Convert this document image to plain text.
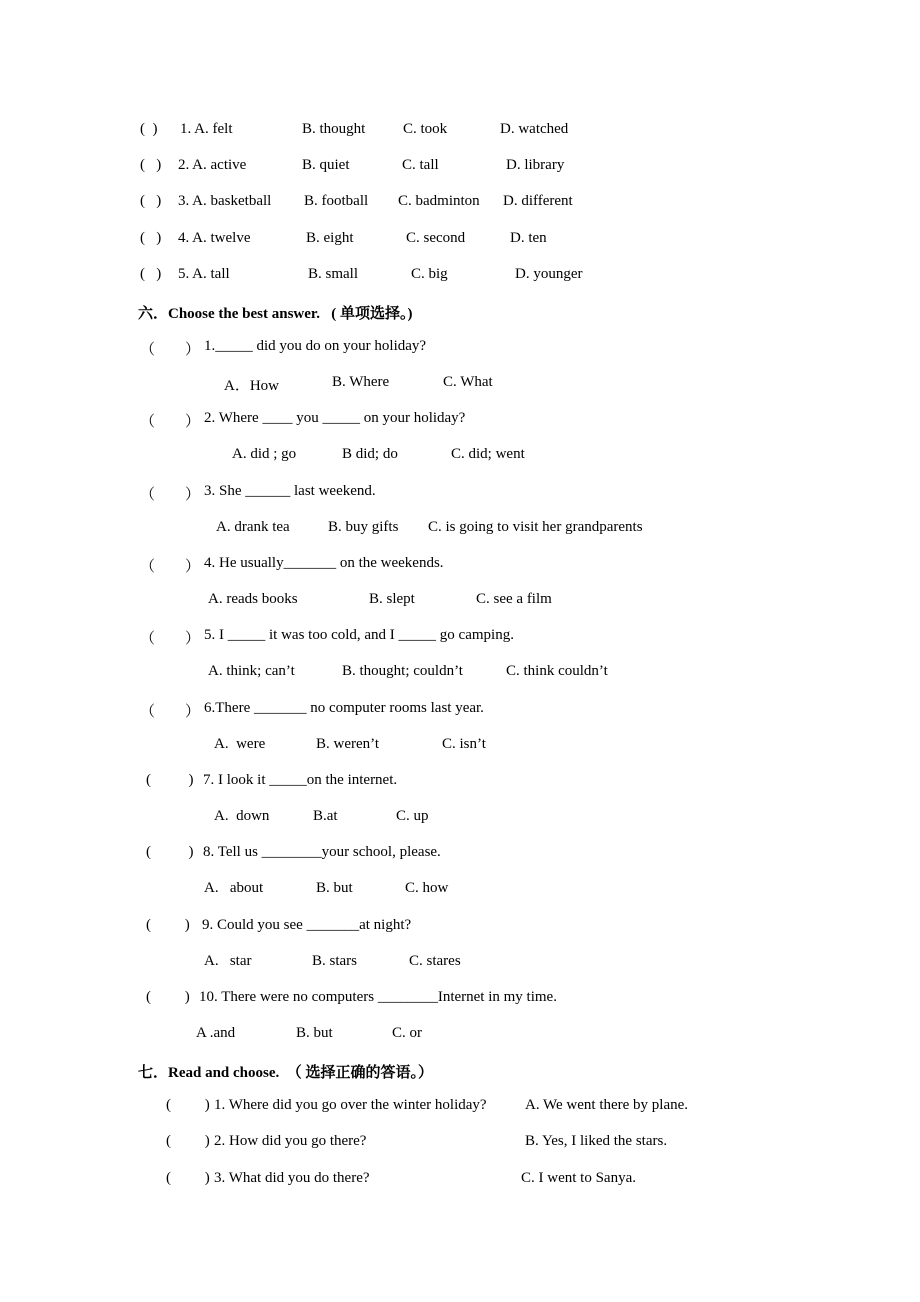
(  ) 1. A. felt	B. thought	C. took	D. watched
(   ) 2. A. active	B. quiet	C. tall	D. library
(   ) 3. A. basketball B. football C. badminton D. different
(   ) 4. A. twelve	B. eight	C. second	D. ten
(   ) 5. A. tall	B. small	C. big	D. younger
六．Choose the best answer.   ( 单项选择。)
（        ） 1._____ did you do on your holiday?
A．How	B. Where	C. What
（        ） 2. Where ____ you _____ on your holiday?
A. did ; go	B did; do	C. did; went
（        ） 3. She ______ last weekend.
A. drank tea	B. buy gifts C. is going to visit her grandparents
（        ） 4. He usually_______ on the weekends.
A. reads books	B. slept	C. see a film
（        ） 5. I _____ it was too cold, and I _____ go camping.
A. think; can’t	B. thought; couldn’t	C. think couldn’t
（        ） 6.There _______ no computer rooms last year.
A.  were	B. weren’t	C. isn’t
(          ) 7. I look it _____on the internet.
A.  down	B.at	C. up
(          ) 8. Tell us ________your school, please.
A.   about	B. but	C. how
(         ) 9. Could you see _______at night?
A.   star	B. stars	C. stares
(         ) 10. There were no computers ________Internet in my time.
A .and	B. but	C. or
七．Read and choose.  （ 选择正确的答语。）
(         ) 1. Where did you go over the winter holiday?	A. We went there by plane.
(         ) 2. How did you go there?	B. Yes, I liked the stars.
(         ) 3. What did you do there?	C. I went to Sanya.
